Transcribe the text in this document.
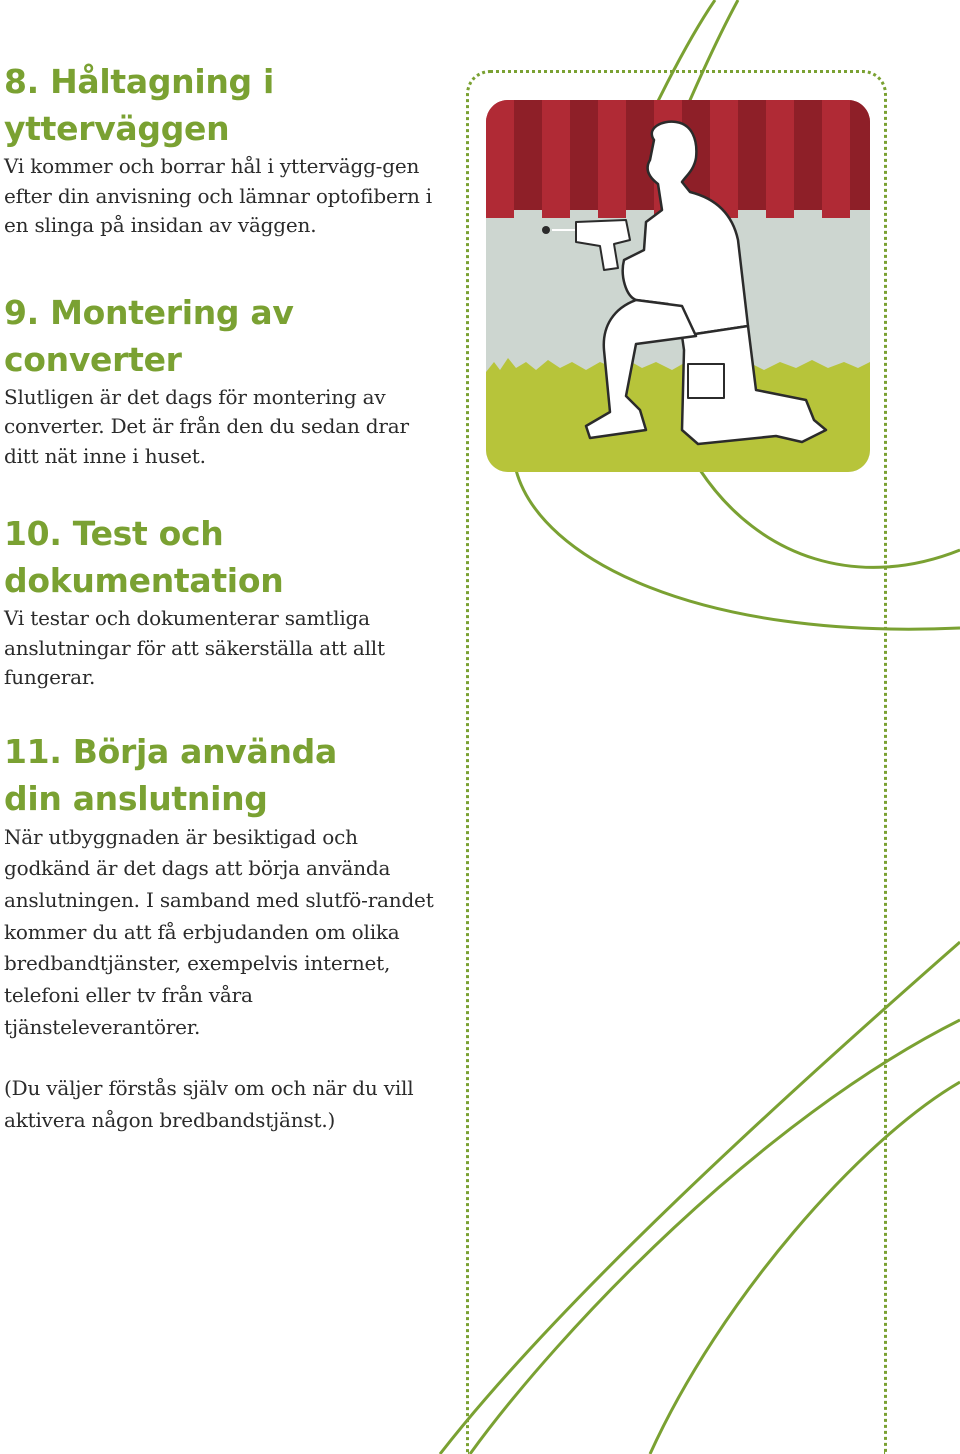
8. Håltagning i
ytterväggen

Vi kommer och borrar hål i yttervägg-gen efter din anvisning och lämnar optofibern i en slinga på insidan av väggen.

9. Montering av
converter

Slutligen är det dags för montering av converter. Det är från den du sedan drar ditt nät inne i huset.

10. Test och
dokumentation

Vi testar och dokumenterar samtliga anslutningar för att säkerställa att allt fungerar.

11. Börja använda
din anslutning

När utbyggnaden är besiktigad och godkänd är det dags att börja använda anslutningen. I samband med slutfö-randet kommer du att få erbjudanden om olika bredbandtjänster, exempelvis internet, telefoni eller tv från våra tjänsteleverantörer.

(Du väljer förstås själv om och när du vill aktivera någon bredbandstjänst.)
